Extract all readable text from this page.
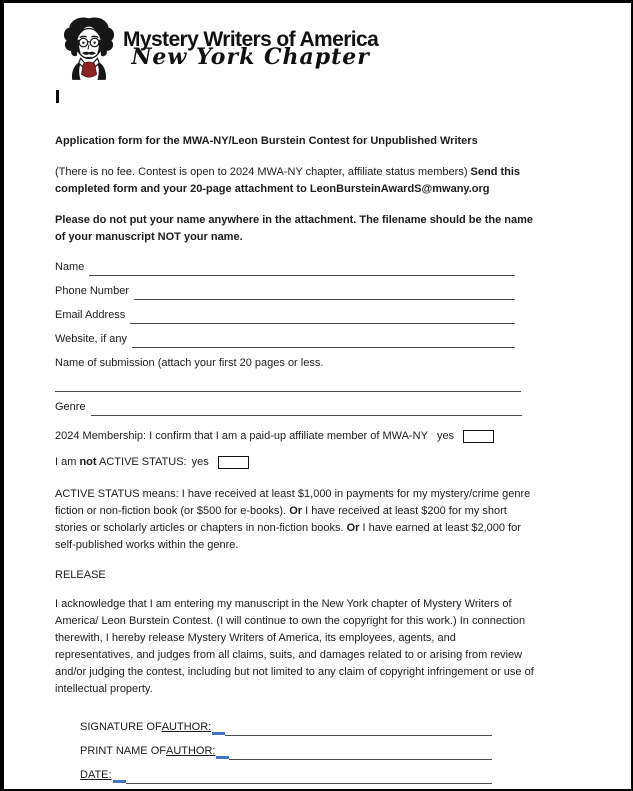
Mystery Writers of America
New York Chapter
Application form for the MWA-NY/Leon Burstein Contest for Unpublished Writers

(There is no fee. Contest is open to 2024 MWA-NY chapter, affiliate status members) Send this completed form and your 20-page attachment to LeonBursteinAwardS@mwany.org

Please do not put your name anywhere in the attachment. The filename should be the name of your manuscript NOT your name.

Name
Phone Number
Email Address
Website, if any
Name of submission (attach your first 20 pages or less.
Genre
2024 Membership: I confirm that I am a paid-up affiliate member of MWA-NY yes
I am not ACTIVE STATUS: yes

ACTIVE STATUS means: I have received at least $1,000 in payments for my mystery/crime genre fiction or non-fiction book (or $500 for e-books). Or I have received at least $200 for my short stories or scholarly articles or chapters in non-fiction books. Or I have earned at least $2,000 for self-published works within the genre.

RELEASE

I acknowledge that I am entering my manuscript in the New York chapter of Mystery Writers of America/ Leon Burstein Contest. (I will continue to own the copyright for this work.) In connection therewith, I hereby release Mystery Writers of America, its employees, agents, and representatives, and judges from all claims, suits, and damages related to or arising from review and/or judging the contest, including but not limited to any claim of copyright infringement or use of intellectual property.

SIGNATURE OF AUTHOR:
PRINT NAME OF AUTHOR:
DATE:
